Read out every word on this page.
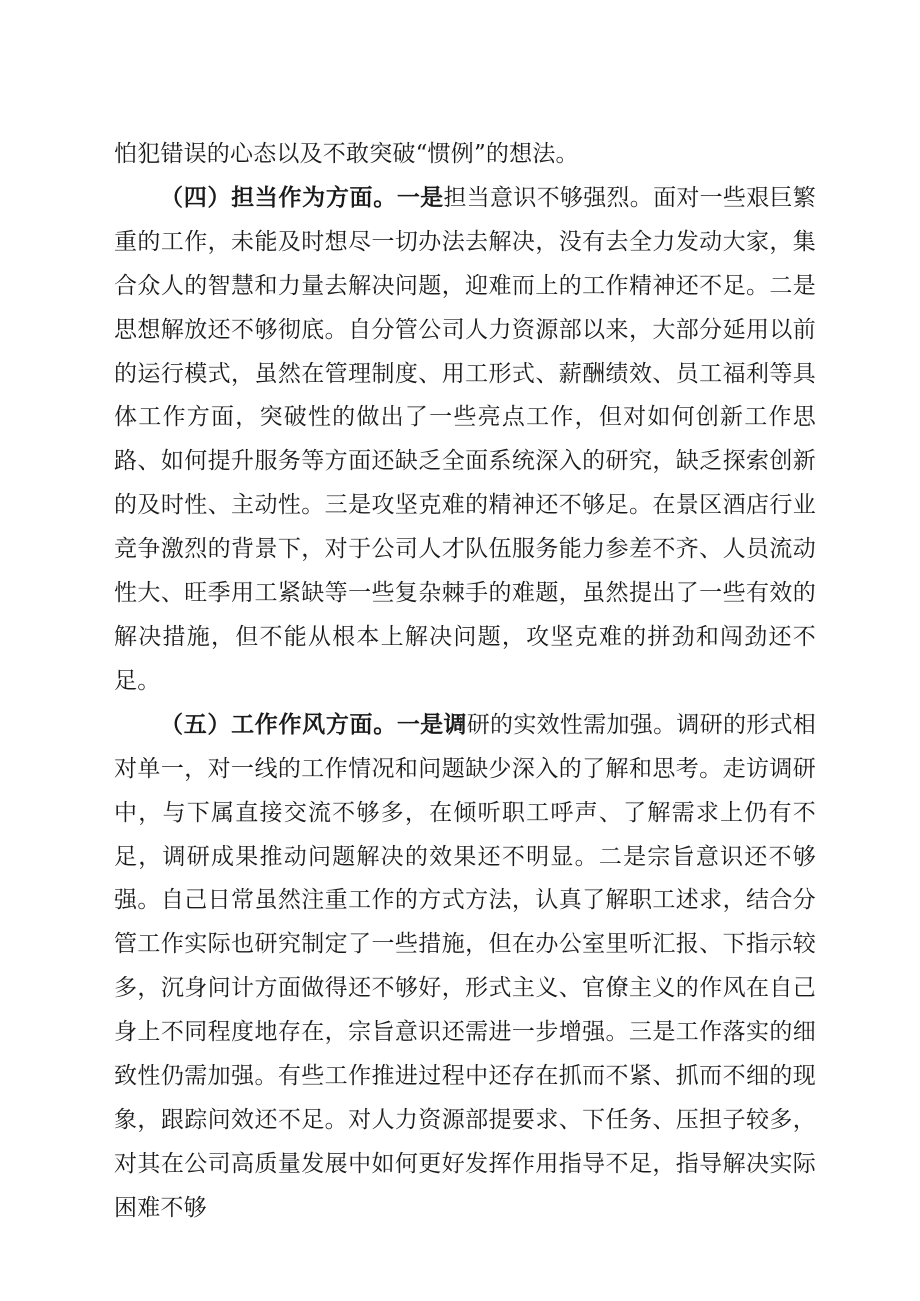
怕犯错误的心态以及不敢突破“惯例”的想法。

（四）担当作为方面。一是担当意识不够强烈。面对一些艰巨繁重的工作，未能及时想尽一切办法去解决，没有去全力发动大家，集合众人的智慧和力量去解决问题，迎难而上的工作精神还不足。二是思想解放还不够彻底。自分管公司人力资源部以来，大部分延用以前的运行模式，虽然在管理制度、用工形式、薪酬绩效、员工福利等具体工作方面，突破性的做出了一些亮点工作，但对如何创新工作思路、如何提升服务等方面还缺乏全面系统深入的研究，缺乏探索创新的及时性、主动性。三是攻坚克难的精神还不够足。在景区酒店行业竞争激烈的背景下，对于公司人才队伍服务能力参差不齐、人员流动性大、旺季用工紧缺等一些复杂棘手的难题，虽然提出了一些有效的解决措施，但不能从根本上解决问题，攻坚克难的拼劲和闯劲还不足。

（五）工作作风方面。一是调研的实效性需加强。调研的形式相对单一，对一线的工作情况和问题缺少深入的了解和思考。走访调研中，与下属直接交流不够多，在倾听职工呼声、了解需求上仍有不足，调研成果推动问题解决的效果还不明显。二是宗旨意识还不够强。自己日常虽然注重工作的方式方法，认真了解职工述求，结合分管工作实际也研究制定了一些措施，但在办公室里听汇报、下指示较多，沉身问计方面做得还不够好，形式主义、官僚主义的作风在自己身上不同程度地存在，宗旨意识还需进一步增强。三是工作落实的细致性仍需加强。有些工作推进过程中还存在抓而不紧、抓而不细的现象，跟踪问效还不足。对人力资源部提要求、下任务、压担子较多，对其在公司高质量发展中如何更好发挥作用指导不足，指导解决实际困难不够
